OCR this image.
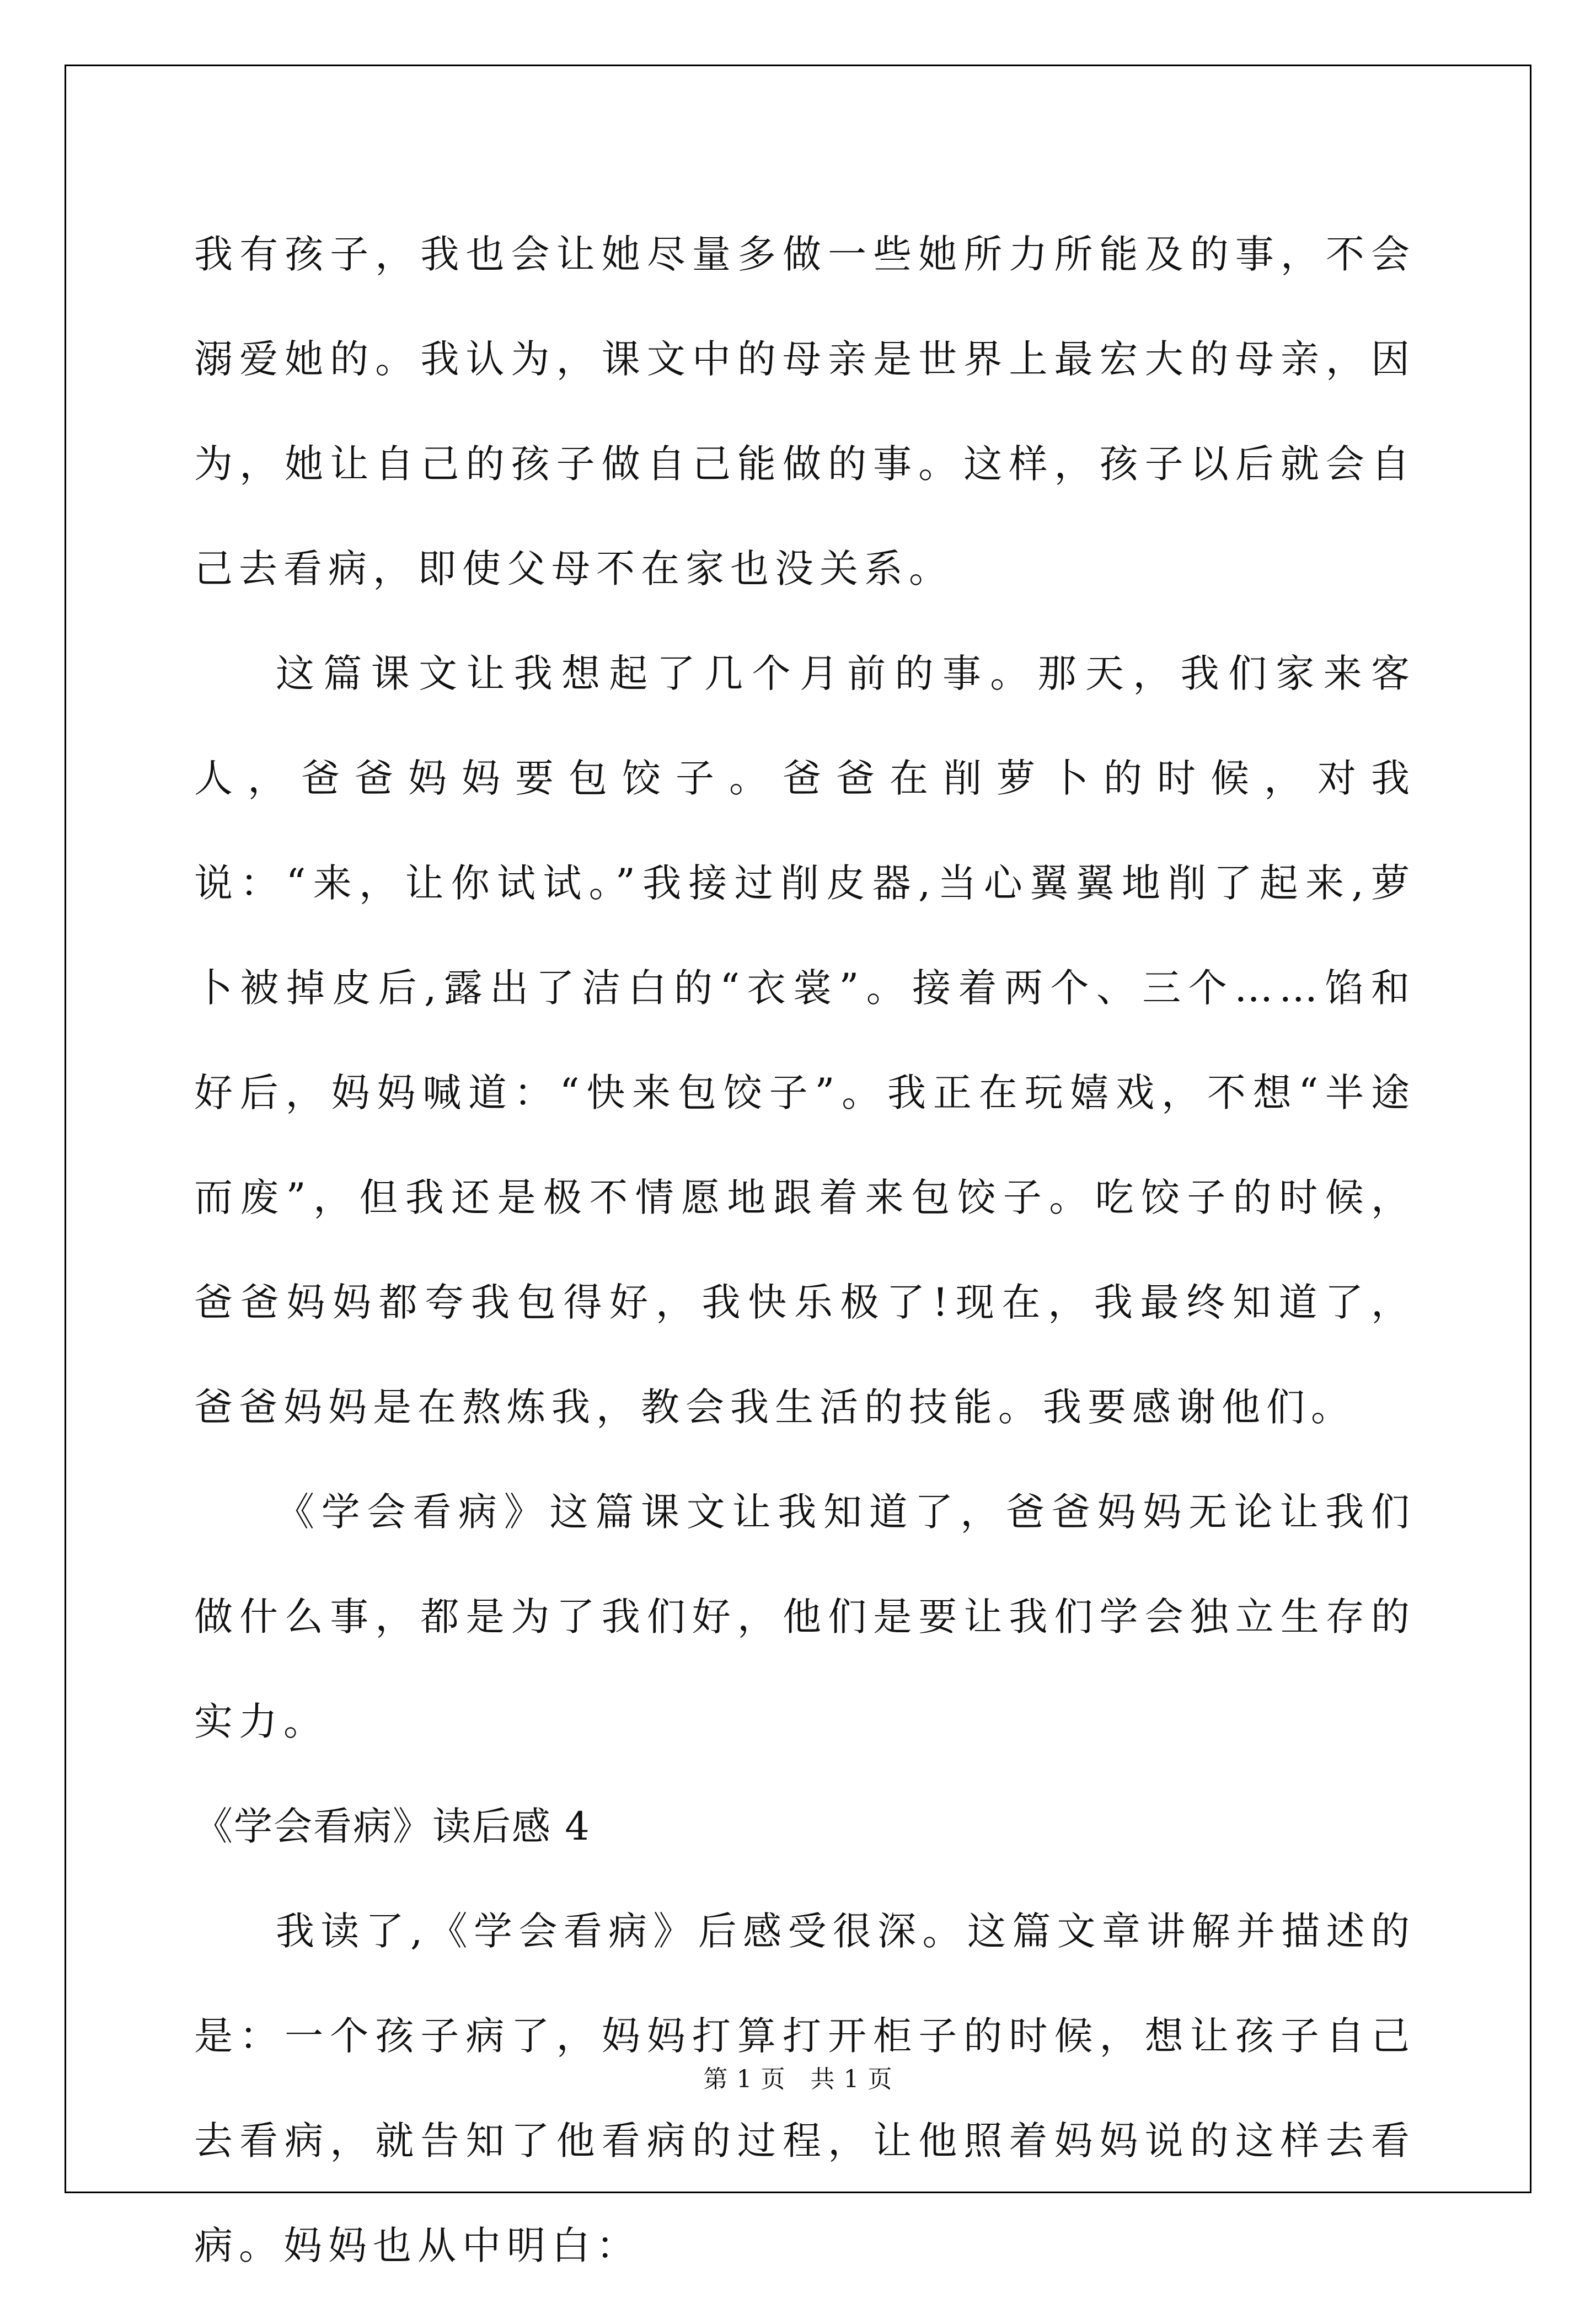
我有孩子，我也会让她尽量多做一些她所力所能及的事，不会溺爱她的。我认为，课文中的母亲是世界上最宏大的母亲，因为，她让自己的孩子做自己能做的事。这样，孩子以后就会自己去看病，即使父母不在家也没关系。

这篇课文让我想起了几个月前的事。那天，我们家来客人，爸爸妈妈要包饺子。爸爸在削萝卜的时候，对我说：“来，让你试试。”我接过削皮器,当心翼翼地削了起来,萝卜被掉皮后,露出了洁白的“衣裳”。接着两个、三个……馅和好后，妈妈喊道：“快来包饺子”。我正在玩嬉戏，不想“半途而废”，但我还是极不情愿地跟着来包饺子。吃饺子的时候，爸爸妈妈都夸我包得好，我快乐极了!现在，我最终知道了，爸爸妈妈是在熬炼我，教会我生活的技能。我要感谢他们。

《学会看病》这篇课文让我知道了，爸爸妈妈无论让我们做什么事，都是为了我们好，他们是要让我们学会独立生存的实力。

《学会看病》读后感 4

我读了,《学会看病》后感受很深。这篇文章讲解并描述的是：一个孩子病了，妈妈打算打开柜子的时候，想让孩子自己去看病，就告知了他看病的过程，让他照着妈妈说的这样去看病。妈妈也从中明白：

第 1 页　共 1 页
